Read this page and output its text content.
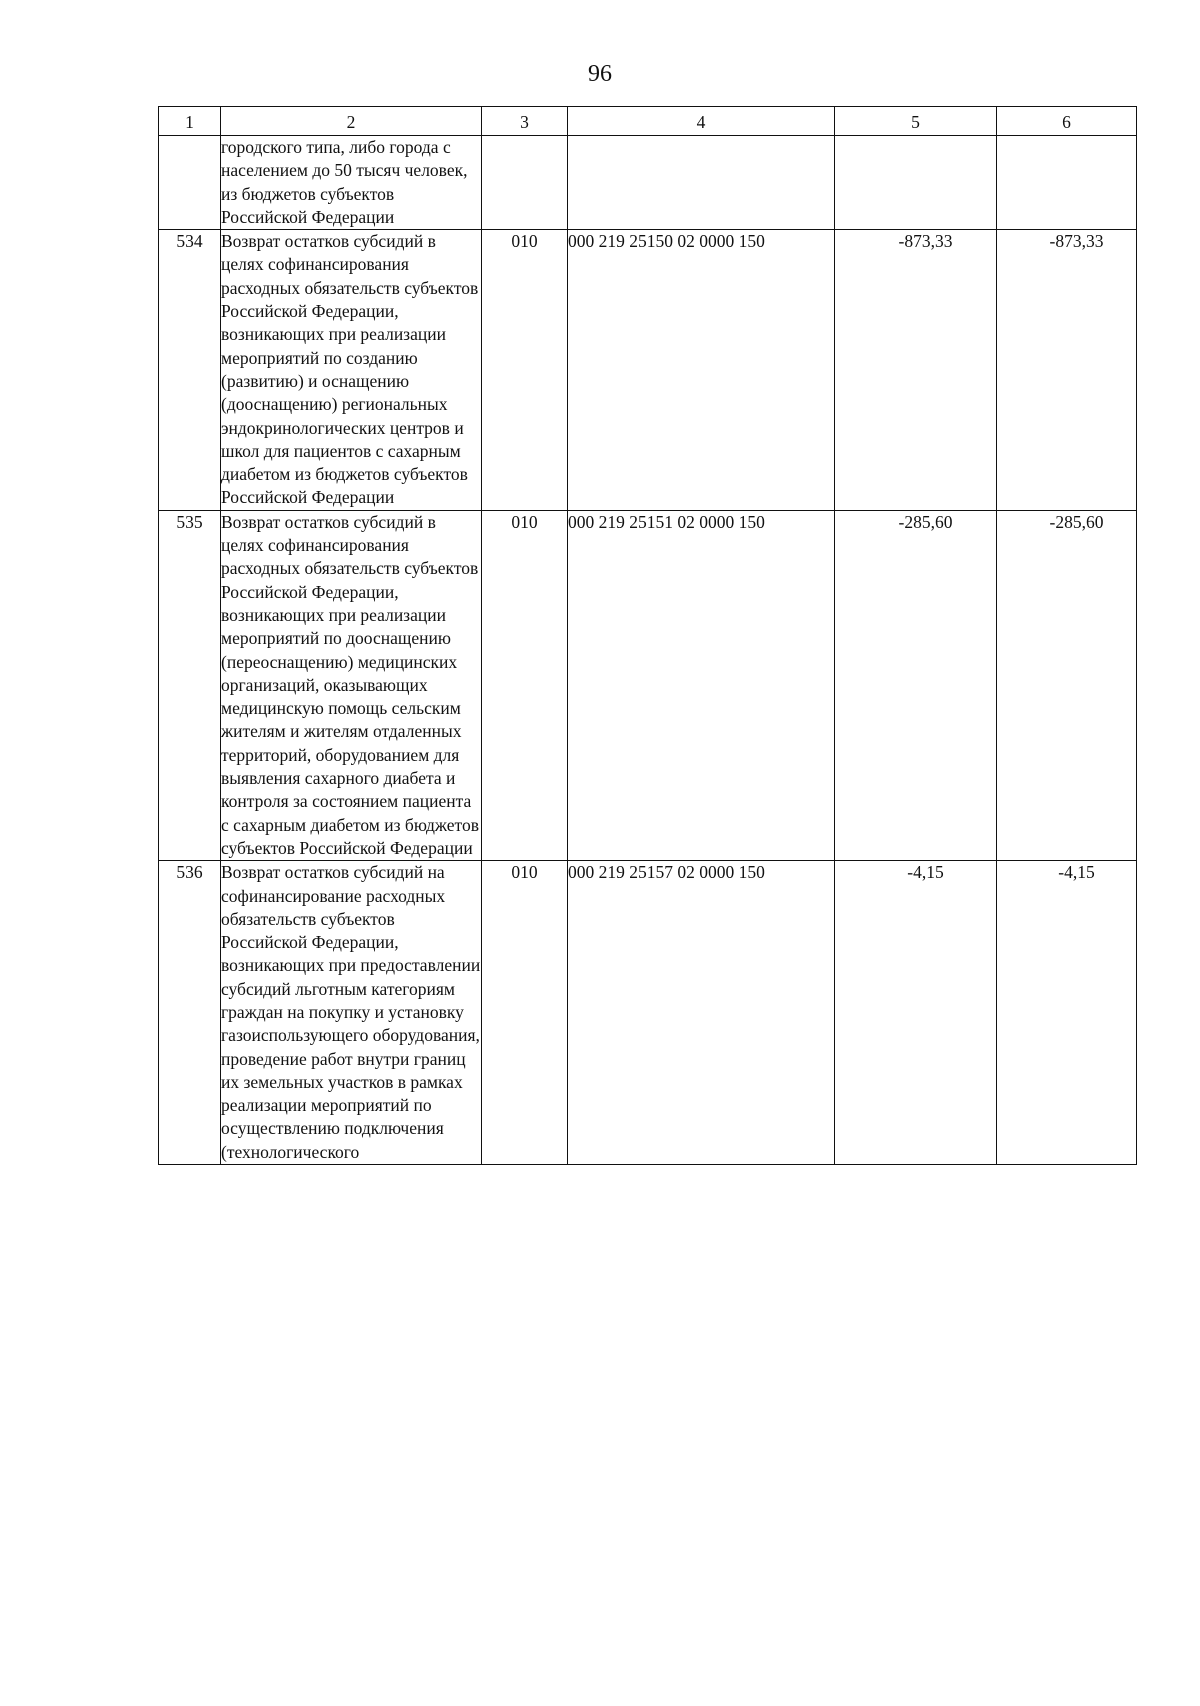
96
1	2	3	4	5	6
	городского типа, либо города с населением до 50 тысяч человек, из бюджетов субъектов Российской Федерации				
534	Возврат остатков субсидий в целях софинансирования расходных обязательств субъектов Российской Федерации, возникающих при реализации мероприятий по созданию (развитию) и оснащению (дооснащению) региональных эндокринологических центров и школ для пациентов с сахарным диабетом из бюджетов субъектов Российской Федерации	010	000 219 25150 02 0000 150	-873,33	-873,33
535	Возврат остатков субсидий в целях софинансирования расходных обязательств субъектов Российской Федерации, возникающих при реализации мероприятий по дооснащению (переоснащению) медицинских организаций, оказывающих медицинскую помощь сельским жителям и жителям отдаленных территорий, оборудованием для выявления сахарного диабета и контроля за состоянием пациента с сахарным диабетом из бюджетов субъектов Российской Федерации	010	000 219 25151 02 0000 150	-285,60	-285,60
536	Возврат остатков субсидий на софинансирование расходных обязательств субъектов Российской Федерации, возникающих при предоставлении субсидий льготным категориям граждан на покупку и установку газоиспользующего оборудования, проведение работ внутри границ их земельных участков в рамках реализации мероприятий по осуществлению подключения (технологического	010	000 219 25157 02 0000 150	-4,15	-4,15
